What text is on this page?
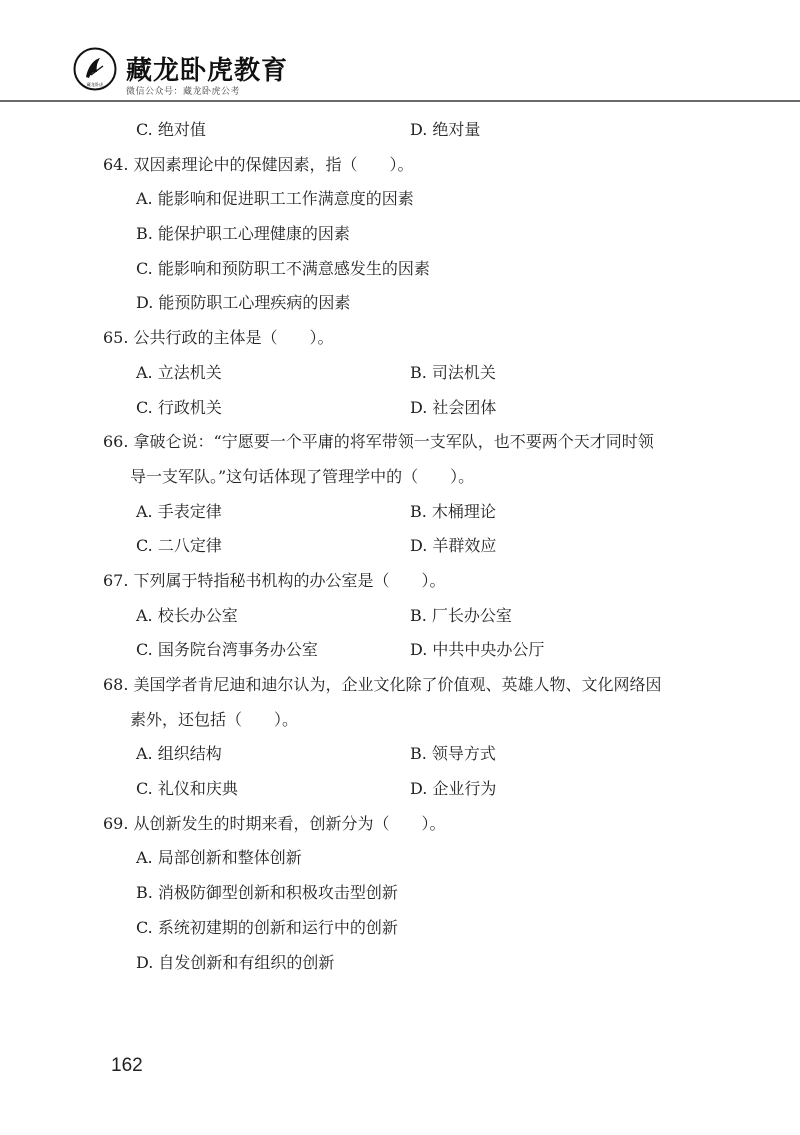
藏龙卧虎 藏龙卧虎教育
微信公众号：藏龙卧虎公考
C. 绝对值	D. 绝对量
64. 双因素理论中的保健因素，指（　　）。
A. 能影响和促进职工工作满意度的因素
B. 能保护职工心理健康的因素
C. 能影响和预防职工不满意感发生的因素
D. 能预防职工心理疾病的因素
65. 公共行政的主体是（　　）。
A. 立法机关	B. 司法机关
C. 行政机关	D. 社会团体
66. 拿破仑说：“宁愿要一个平庸的将军带领一支军队，也不要两个天才同时领
导一支军队。”这句话体现了管理学中的（　　）。
A. 手表定律	B. 木桶理论
C. 二八定律	D. 羊群效应
67. 下列属于特指秘书机构的办公室是（　　）。
A. 校长办公室	B. 厂长办公室
C. 国务院台湾事务办公室	D. 中共中央办公厅
68. 美国学者肯尼迪和迪尔认为，企业文化除了价值观、英雄人物、文化网络因
素外，还包括（　　）。
A. 组织结构	B. 领导方式
C. 礼仪和庆典	D. 企业行为
69. 从创新发生的时期来看，创新分为（　　）。
A. 局部创新和整体创新
B. 消极防御型创新和积极攻击型创新
C. 系统初建期的创新和运行中的创新
D. 自发创新和有组织的创新
162
